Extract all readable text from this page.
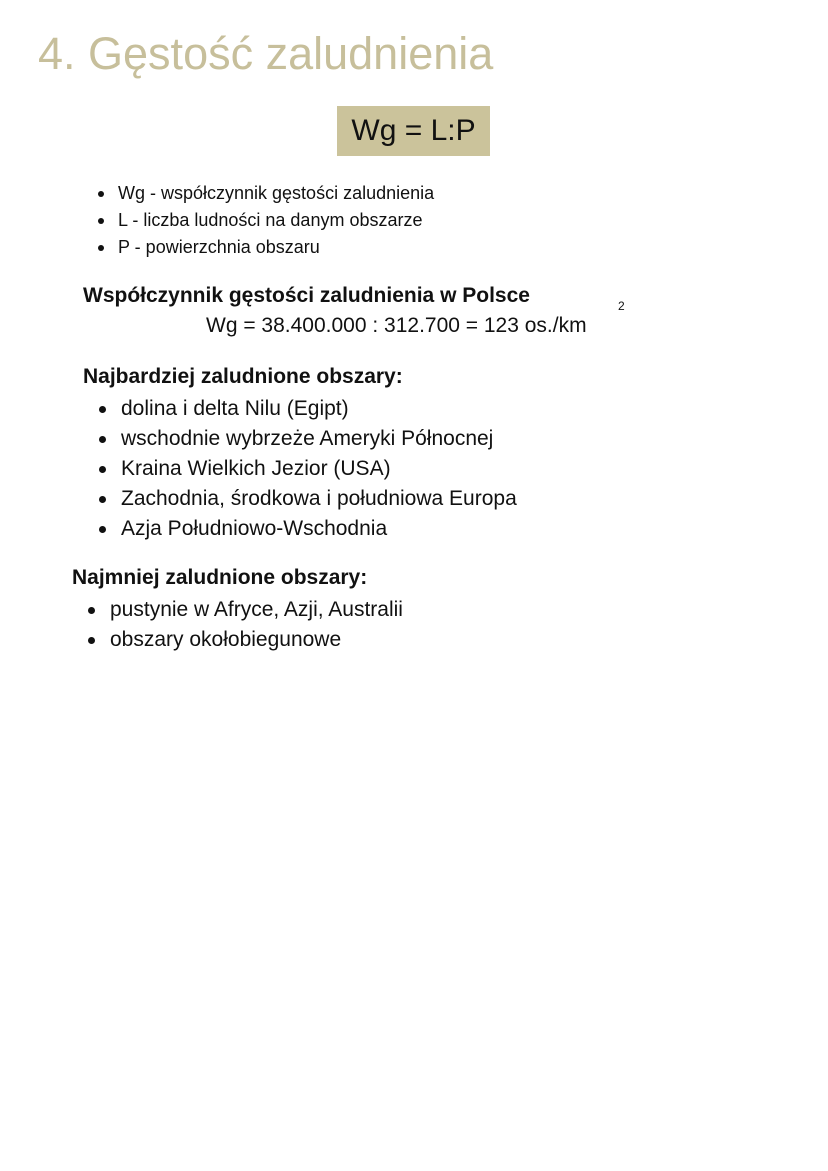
4. Gęstość zaludnienia
Wg = L:P
Wg - współczynnik gęstości zaludnienia
L - liczba ludności na danym obszarze
P - powierzchnia obszaru
Współczynnik gęstości zaludnienia w Polsce
Wg = 38.400.000 : 312.700 = 123 os./km
2
Najbardziej zaludnione obszary:
dolina i delta Nilu (Egipt)
wschodnie wybrzeże Ameryki Północnej
Kraina Wielkich Jezior (USA)
Zachodnia, środkowa i południowa Europa
Azja Południowo-Wschodnia
Najmniej zaludnione obszary:
pustynie w Afryce, Azji, Australii
obszary okołobiegunowe
